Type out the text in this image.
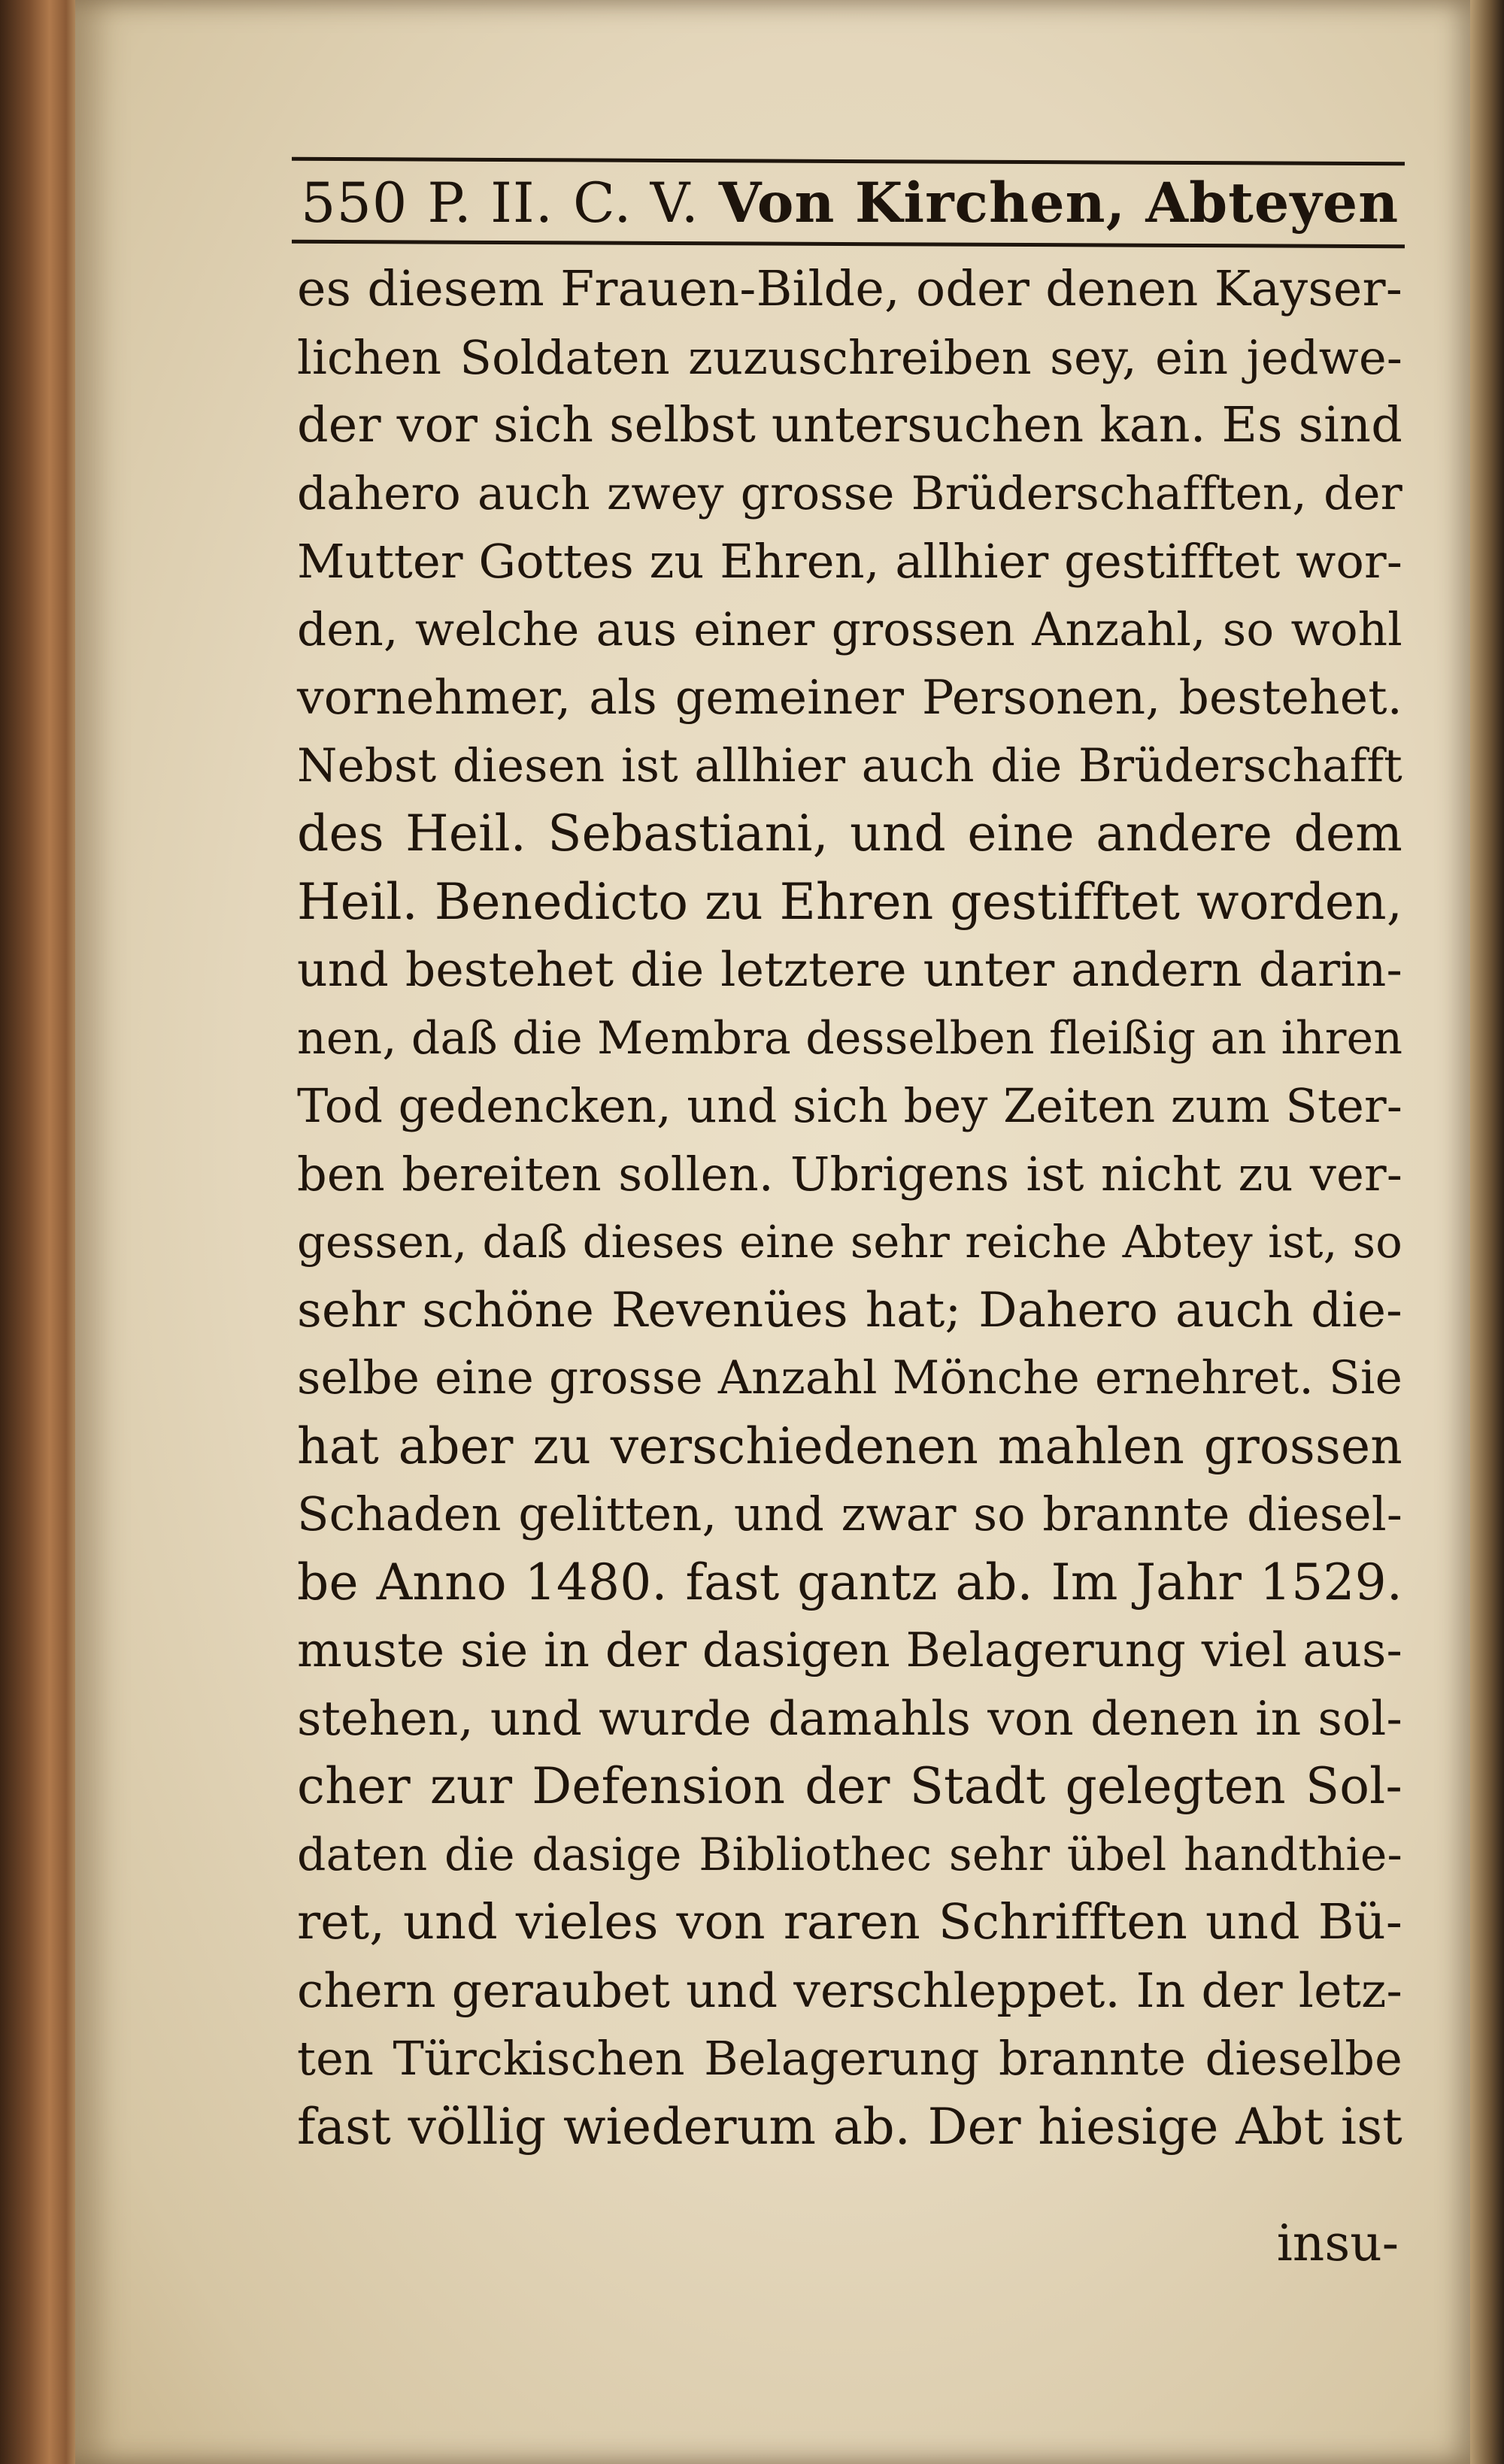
550 P. II. C. V. Von Kirchen, Abteyen
es diesem Frauen-Bilde, oder denen Kayser-
lichen Soldaten zuzuschreiben sey, ein jedwe-
der vor sich selbst untersuchen kan. Es sind
dahero auch zwey grosse Brüderschafften, der
Mutter Gottes zu Ehren, allhier gestifftet wor-
den, welche aus einer grossen Anzahl, so wohl
vornehmer, als gemeiner Personen, bestehet.
Nebst diesen ist allhier auch die Brüderschafft
des Heil. Sebastiani, und eine andere dem
Heil. Benedicto zu Ehren gestifftet worden,
und bestehet die letztere unter andern darin-
nen, daß die Membra desselben fleißig an ihren
Tod gedencken, und sich bey Zeiten zum Ster-
ben bereiten sollen. Ubrigens ist nicht zu ver-
gessen, daß dieses eine sehr reiche Abtey ist, so
sehr schöne Revenües hat; Dahero auch die-
selbe eine grosse Anzahl Mönche ernehret. Sie
hat aber zu verschiedenen mahlen grossen
Schaden gelitten, und zwar so brannte diesel-
be Anno 1480. fast gantz ab. Im Jahr 1529.
muste sie in der dasigen Belagerung viel aus-
stehen, und wurde damahls von denen in sol-
cher zur Defension der Stadt gelegten Sol-
daten die dasige Bibliothec sehr übel handthie-
ret, und vieles von raren Schrifften und Bü-
chern geraubet und verschleppet. In der letz-
ten Türckischen Belagerung brannte dieselbe
fast völlig wiederum ab. Der hiesige Abt ist
insu-
